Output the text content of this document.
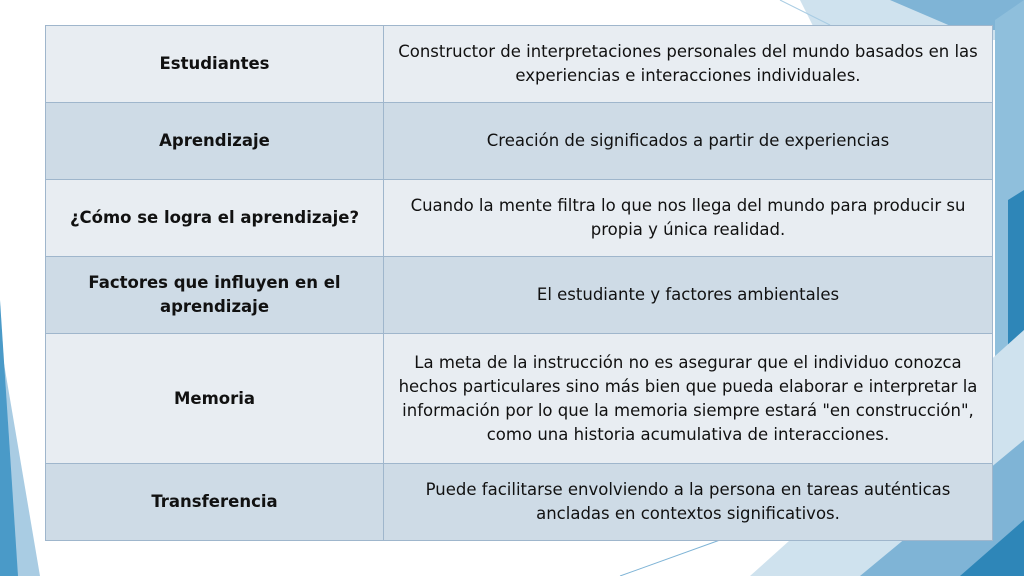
Estudiantes	Constructor de interpretaciones personales del mundo basados en las experiencias e interacciones individuales.
Aprendizaje	Creación de significados a partir de experiencias
¿Cómo se logra el aprendizaje?	Cuando la mente filtra lo que nos llega del mundo para producir su propia y única realidad.
Factores que influyen en el aprendizaje	El estudiante y factores ambientales
Memoria	La meta de la instrucción no es asegurar que el individuo conozca hechos particulares sino más bien que pueda elaborar e interpretar la información por lo que la memoria siempre estará "en construcción", como una historia acumulativa de interacciones.
Transferencia	Puede facilitarse envolviendo a la persona en tareas auténticas ancladas en contextos significativos.
